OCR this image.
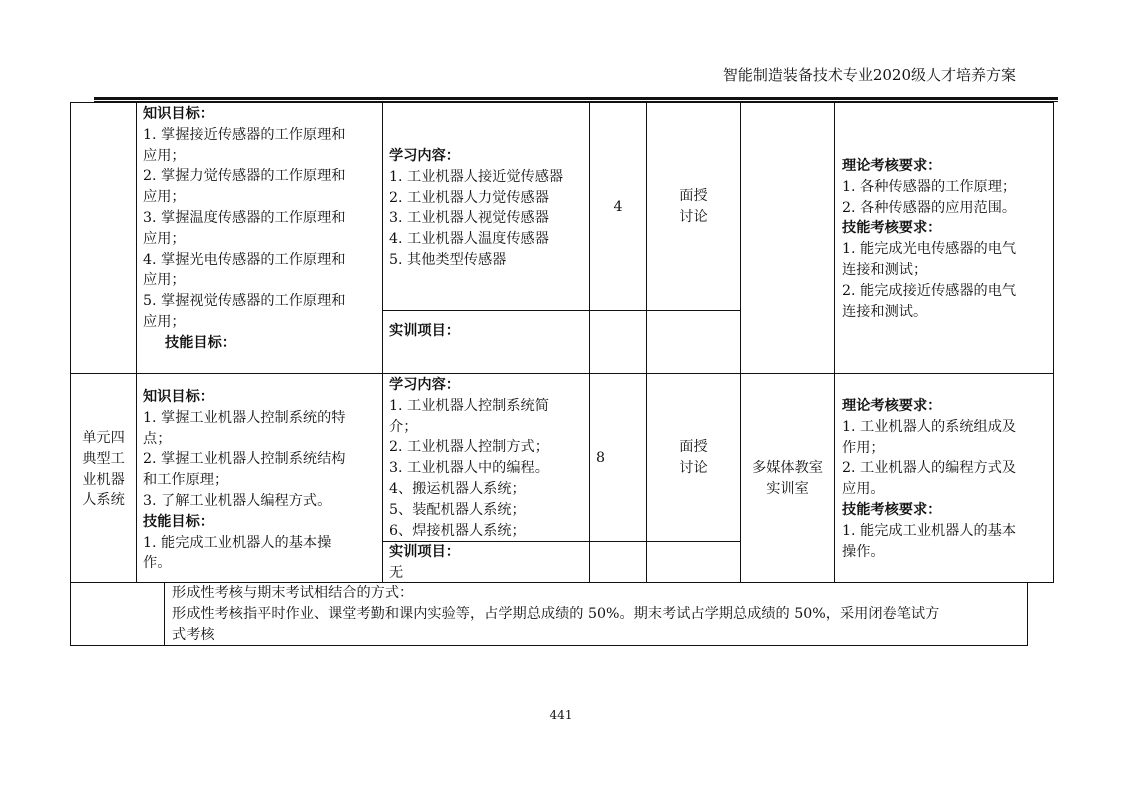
智能制造装备技术专业2020级人才培养方案
知识目标：
1. 掌握接近传感器的工作原理和
应用；
2. 掌握力觉传感器的工作原理和
应用；
3. 掌握温度传感器的工作原理和
应用；
4. 掌握光电传感器的工作原理和
应用；
5. 掌握视觉传感器的工作原理和
应用；
技能目标：
学习内容：
1. 工业机器人接近觉传感器
2. 工业机器人力觉传感器
3. 工业机器人视觉传感器
4. 工业机器人温度传感器
5. 其他类型传感器
4
面授
讨论
实训项目：
理论考核要求：
1. 各种传感器的工作原理；
2. 各种传感器的应用范围。
技能考核要求：
1. 能完成光电传感器的电气
连接和测试；
2. 能完成接近传感器的电气
连接和测试。
单元四
典型工
业机器
人系统
知识目标：
1. 掌握工业机器人控制系统的特
点；
2. 掌握工业机器人控制系统结构
和工作原理；
3. 了解工业机器人编程方式。
技能目标：
1. 能完成工业机器人的基本操
作。
学习内容：
1. 工业机器人控制系统简
介；
2. 工业机器人控制方式；
3. 工业机器人中的编程。
4、搬运机器人系统；
5、装配机器人系统；
6、焊接机器人系统；
8
面授
讨论	多媒体教室
实训室
实训项目：
无
理论考核要求：
1. 工业机器人的系统组成及
作用；
2. 工业机器人的编程方式及
应用。
技能考核要求：
1. 能完成工业机器人的基本
操作。
形成性考核与期末考试相结合的方式：
形成性考核指平时作业、课堂考勤和课内实验等，占学期总成绩的 50%。期末考试占学期总成绩的 50%，采用闭卷笔试方
式考核
441
